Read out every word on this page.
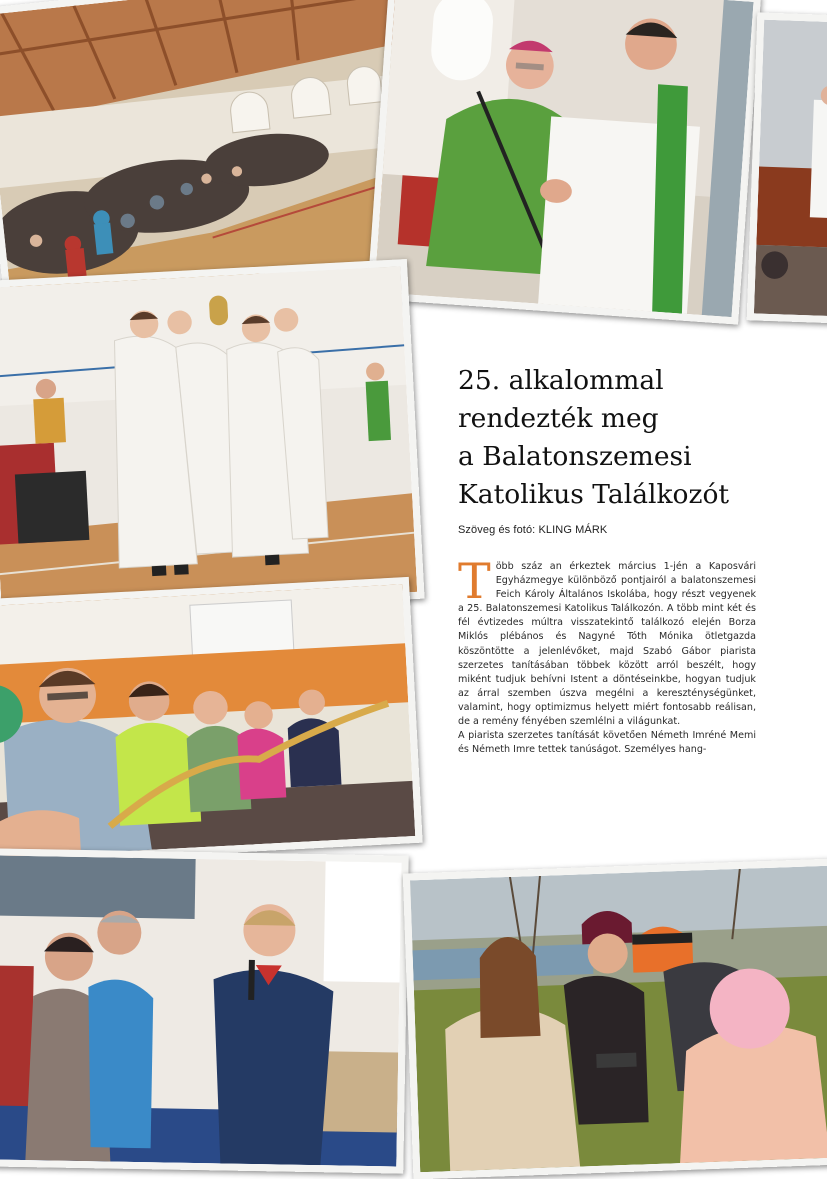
25. alkalommal
rendezték meg
a Balatonszemesi
Katolikus Találkozót
Szöveg és fotó: KLING MÁRK

Több száz an érkeztek március 1-jén a Kaposvári Egyházmegye különböző pontjairól a balatonszemesi Feich Károly Általános Iskolába, hogy részt vegyenek a 25. Balatonszemesi Katolikus Találkozón. A több mint két és fél évtizedes múltra visszatekintő találkozó elején Borza Miklós plébános és Nagyné Tóth Mónika ötletgazda köszöntötte a jelenlévőket, majd Szabó Gábor piarista szerzetes tanításában többek között arról beszélt, hogy miként tudjuk behívni Istent a döntéseinkbe, hogyan tudjuk az árral szemben úszva megélni a kereszténységünket, valamint, hogy optimizmus helyett miért fontosabb reálisan, de a remény fényében szemlélni a világunkat.

A piarista szerzetes tanítását követően Németh Imréné Memi és Németh Imre tettek tanúságot. Személyes hang-
